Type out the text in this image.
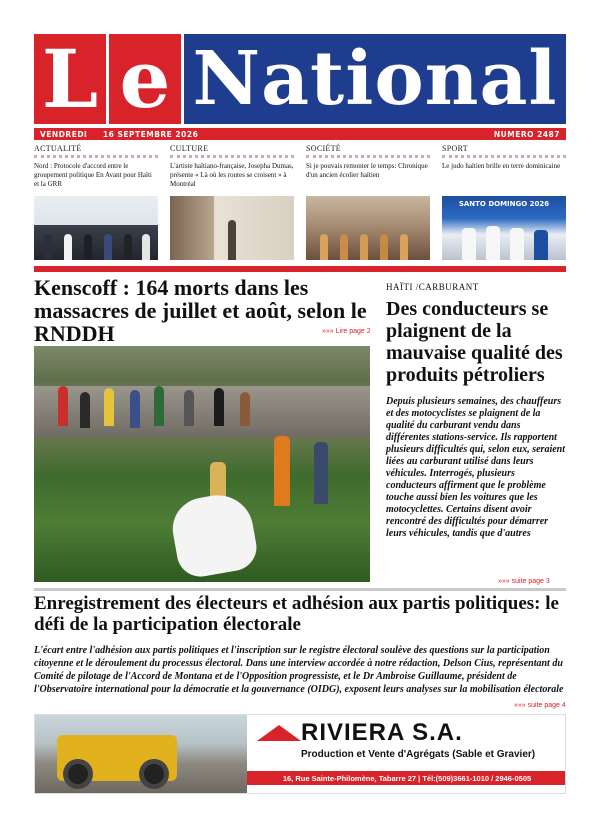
L e National
VENDREDI 16 SEPTEMBRE 2026	NUMERO 2487
ACTUALITÉ
Nord : Protocole d'accord entre le groupement politique En Avant pour Haïti et la GRR
CULTURE
L'artiste haïtiano-française, Josepha Dumas, présente « Là où les routes se croisent » à Montréal
SOCIÉTÉ
Si je pouvais remonter le temps: Chronique d'un ancien écolier haïtien
SPORT
Le judo haïtien brille en terre dominicaine
SANTO DOMINGO 2026
Kenscoff : 164 morts dans les massacres de juillet et août, selon le RNDDH	»»» Lire page 2
HAÏTI /CARBURANT
Des conducteurs se plaignent de la mauvaise qualité des produits pétroliers

Depuis plusieurs semaines, des chauffeurs et des motocyclistes se plaignent de la qualité du carburant vendu dans différentes stations-service. Ils rapportent plusieurs difficultés qui, selon eux, seraient liées au carburant utilisé dans leurs véhicules. Interrogés, plusieurs conducteurs affirment que le problème touche aussi bien les voitures que les motocyclettes. Certains disent avoir rencontré des difficultés pour démarrer leurs véhicules, tandis que d'autres

»»» suite page 3
Enregistrement des électeurs et adhésion aux partis politiques: le défi de la participation électorale

L'écart entre l'adhésion aux partis politiques et l'inscription sur le registre électoral soulève des questions sur la participation citoyenne et le déroulement du processus électoral. Dans une interview accordée à notre rédaction, Delson Cius, représentant du Comité de pilotage de l'Accord de Montana et de l'Opposition progressiste, et le Dr Ambroise Guillaume, président de l'Observatoire international pour la démocratie et la gouvernance (OIDG), exposent leurs analyses sur la mobilisation électorale

»»» suite page 4
RIVIERA S.A.
Production et Vente d'Agrégats (Sable et Gravier)
16, Rue Sainte-Philomène, Tabarre 27 | Tél:(509)3661-1010 / 2946-0505
